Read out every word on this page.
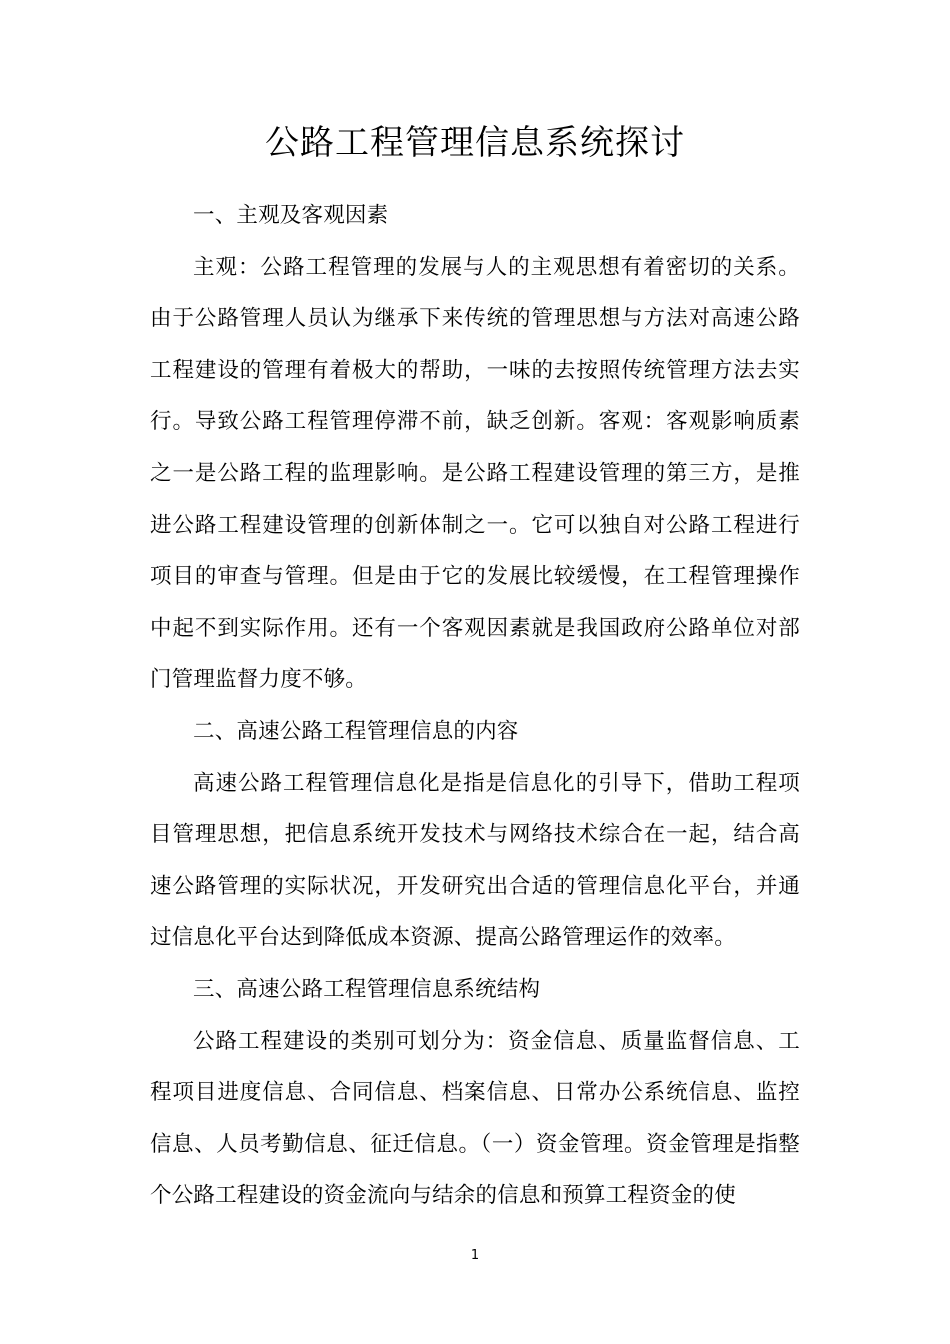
公路工程管理信息系统探讨

一、主观及客观因素

主观：公路工程管理的发展与人的主观思想有着密切的关系。由于公路管理人员认为继承下来传统的管理思想与方法对高速公路工程建设的管理有着极大的帮助，一味的去按照传统管理方法去实行。导致公路工程管理停滞不前，缺乏创新。客观：客观影响质素之一是公路工程的监理影响。是公路工程建设管理的第三方，是推进公路工程建设管理的创新体制之一。它可以独自对公路工程进行项目的审查与管理。但是由于它的发展比较缓慢，在工程管理操作中起不到实际作用。还有一个客观因素就是我国政府公路单位对部门管理监督力度不够。

二、高速公路工程管理信息的内容

高速公路工程管理信息化是指是信息化的引导下，借助工程项目管理思想，把信息系统开发技术与网络技术综合在一起，结合高速公路管理的实际状况，开发研究出合适的管理信息化平台，并通过信息化平台达到降低成本资源、提高公路管理运作的效率。

三、高速公路工程管理信息系统结构

公路工程建设的类别可划分为：资金信息、质量监督信息、工程项目进度信息、合同信息、档案信息、日常办公系统信息、监控信息、人员考勤信息、征迁信息。（一）资金管理。资金管理是指整个公路工程建设的资金流向与结余的信息和预算工程资金的使

1
